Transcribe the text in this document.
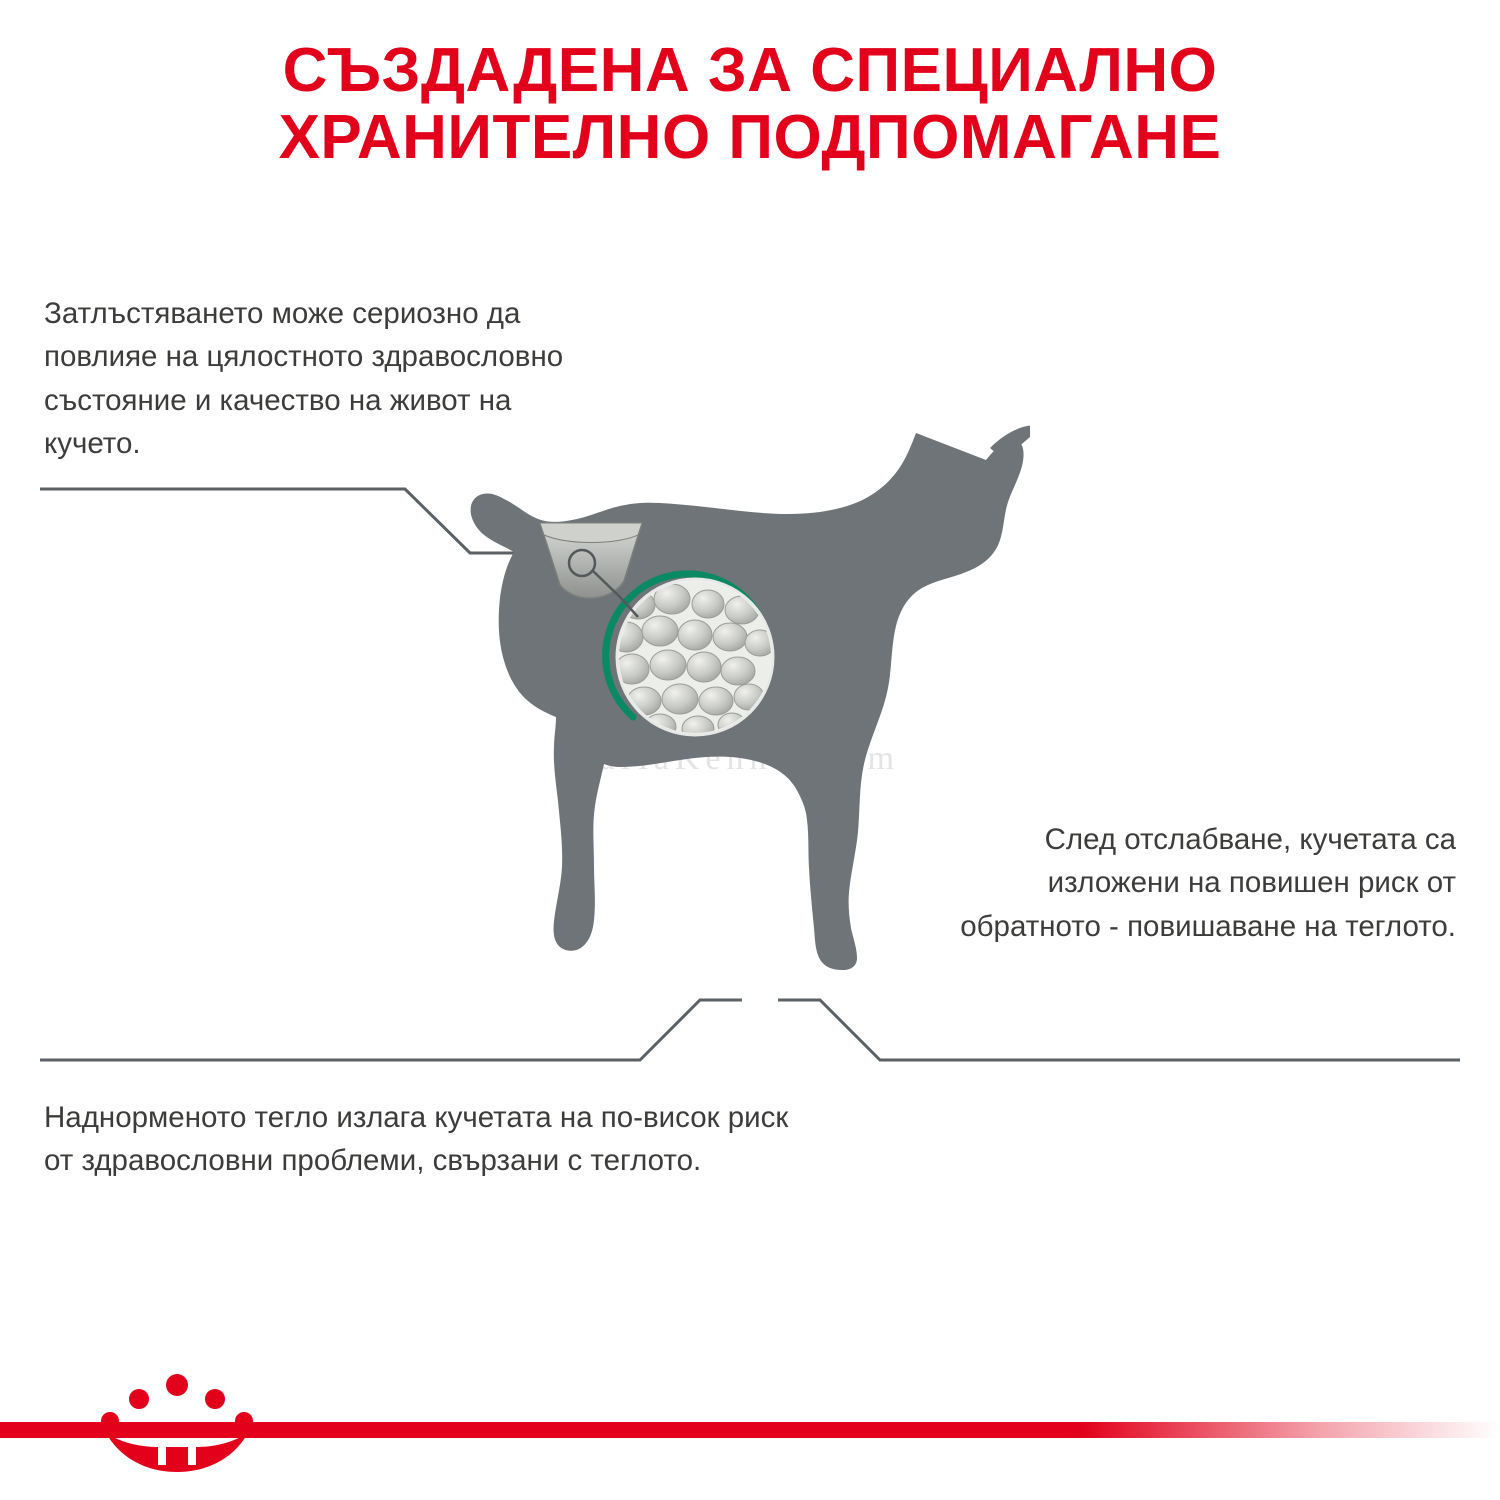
СЪЗДАДЕНА ЗА СПЕЦИАЛНО ХРАНИТЕЛНО ПОДПОМАГАНЕ
ariaKennel.com
Затлъстяването може сериозно да повлияе на цялостното здравословно състояние и качество на живот на кучето.
След отслабване, кучетата са изложени на повишен риск от обратното - повишаване на теглото.
Наднорменото тегло излага кучетата на по-висок риск от здравословни проблеми, свързани с теглото.
